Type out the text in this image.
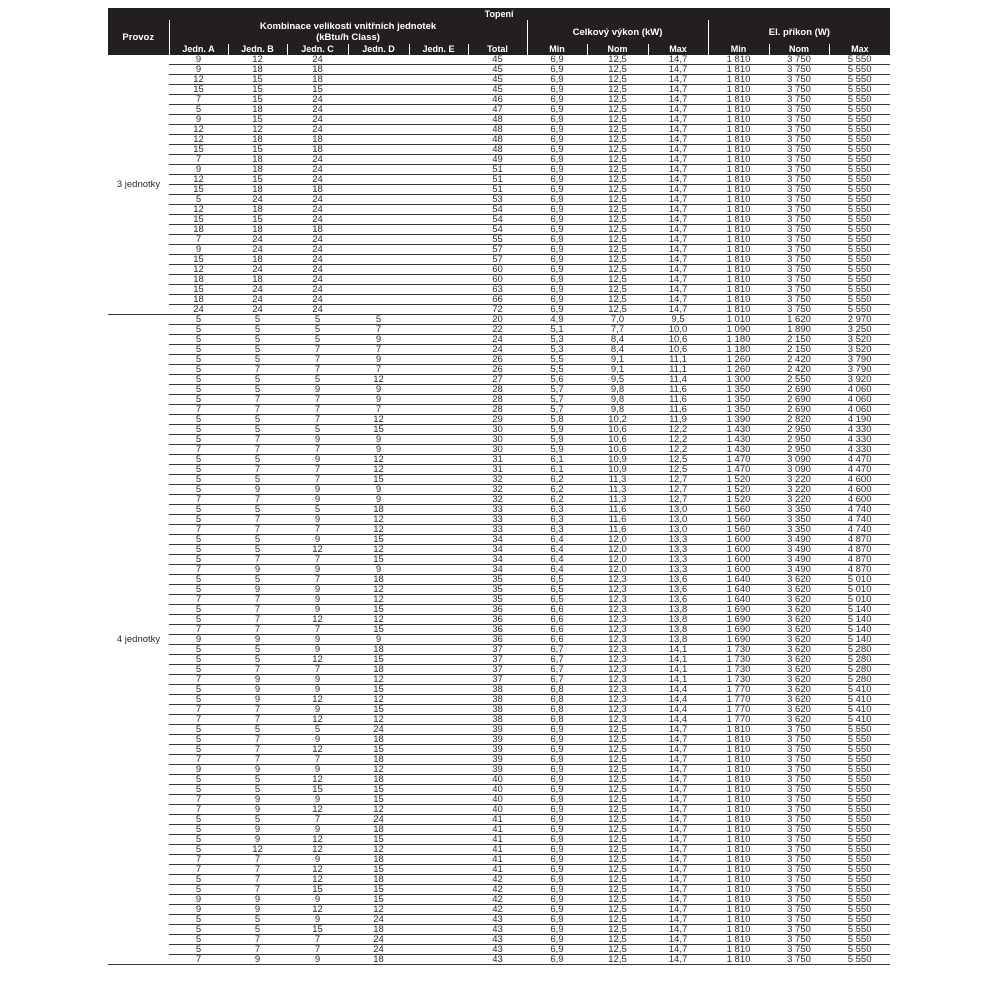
Topení												
Provoz	Kombinace velikosti vnitřních jednotek
(kBtu/h Class)						Celkový výkon (kW)			El. příkon (W)		
	Jedn. A	Jedn. B	Jedn. C	Jedn. D	Jedn. E	Total	Min	Nom	Max	Min	Nom	Max
3 jednotky	9	12	24			45	6,9	12,5	14,7	1 810	3 750	5 550
	9	18	18			45	6,9	12,5	14,7	1 810	3 750	5 550
	12	15	18			45	6,9	12,5	14,7	1 810	3 750	5 550
	15	15	15			45	6,9	12,5	14,7	1 810	3 750	5 550
	7	15	24			46	6,9	12,5	14,7	1 810	3 750	5 550
	5	18	24			47	6,9	12,5	14,7	1 810	3 750	5 550
	9	15	24			48	6,9	12,5	14,7	1 810	3 750	5 550
	12	12	24			48	6,9	12,5	14,7	1 810	3 750	5 550
	12	18	18			48	6,9	12,5	14,7	1 810	3 750	5 550
	15	15	18			48	6,9	12,5	14,7	1 810	3 750	5 550
	7	18	24			49	6,9	12,5	14,7	1 810	3 750	5 550
	9	18	24			51	6,9	12,5	14,7	1 810	3 750	5 550
	12	15	24			51	6,9	12,5	14,7	1 810	3 750	5 550
	15	18	18			51	6,9	12,5	14,7	1 810	3 750	5 550
	5	24	24			53	6,9	12,5	14,7	1 810	3 750	5 550
	12	18	24			54	6,9	12,5	14,7	1 810	3 750	5 550
	15	15	24			54	6,9	12,5	14,7	1 810	3 750	5 550
	18	18	18			54	6,9	12,5	14,7	1 810	3 750	5 550
	7	24	24			55	6,9	12,5	14,7	1 810	3 750	5 550
	9	24	24			57	6,9	12,5	14,7	1 810	3 750	5 550
	15	18	24			57	6,9	12,5	14,7	1 810	3 750	5 550
	12	24	24			60	6,9	12,5	14,7	1 810	3 750	5 550
	18	18	24			60	6,9	12,5	14,7	1 810	3 750	5 550
	15	24	24			63	6,9	12,5	14,7	1 810	3 750	5 550
	18	24	24			66	6,9	12,5	14,7	1 810	3 750	5 550
	24	24	24			72	6,9	12,5	14,7	1 810	3 750	5 550
4 jednotky	5	5	5	5		20	4,9	7,0	9,5	1 010	1 620	2 970
	5	5	5	7		22	5,1	7,7	10,0	1 090	1 890	3 250
	5	5	5	9		24	5,3	8,4	10,6	1 180	2 150	3 520
	5	5	7	7		24	5,3	8,4	10,6	1 180	2 150	3 520
	5	5	7	9		26	5,5	9,1	11,1	1 260	2 420	3 790
	5	7	7	7		26	5,5	9,1	11,1	1 260	2 420	3 790
	5	5	5	12		27	5,6	9,5	11,4	1 300	2 550	3 920
	5	5	9	9		28	5,7	9,8	11,6	1 350	2 690	4 060
	5	7	7	9		28	5,7	9,8	11,6	1 350	2 690	4 060
	7	7	7	7		28	5,7	9,8	11,6	1 350	2 690	4 060
	5	5	7	12		29	5,8	10,2	11,9	1 390	2 820	4 190
	5	5	5	15		30	5,9	10,6	12,2	1 430	2 950	4 330
	5	7	9	9		30	5,9	10,6	12,2	1 430	2 950	4 330
	7	7	7	9		30	5,9	10,6	12,2	1 430	2 950	4 330
	5	5	9	12		31	6,1	10,9	12,5	1 470	3 090	4 470
	5	7	7	12		31	6,1	10,9	12,5	1 470	3 090	4 470
	5	5	7	15		32	6,2	11,3	12,7	1 520	3 220	4 600
	5	9	9	9		32	6,2	11,3	12,7	1 520	3 220	4 600
	7	7	9	9		32	6,2	11,3	12,7	1 520	3 220	4 600
	5	5	5	18		33	6,3	11,6	13,0	1 560	3 350	4 740
	5	7	9	12		33	6,3	11,6	13,0	1 560	3 350	4 740
	7	7	7	12		33	6,3	11,6	13,0	1 560	3 350	4 740
	5	5	9	15		34	6,4	12,0	13,3	1 600	3 490	4 870
	5	5	12	12		34	6,4	12,0	13,3	1 600	3 490	4 870
	5	7	7	15		34	6,4	12,0	13,3	1 600	3 490	4 870
	7	9	9	9		34	6,4	12,0	13,3	1 600	3 490	4 870
	5	5	7	18		35	6,5	12,3	13,6	1 640	3 620	5 010
	5	9	9	12		35	6,5	12,3	13,6	1 640	3 620	5 010
	7	7	9	12		35	6,5	12,3	13,6	1 640	3 620	5 010
	5	7	9	15		36	6,6	12,3	13,8	1 690	3 620	5 140
	5	7	12	12		36	6,6	12,3	13,8	1 690	3 620	5 140
	7	7	7	15		36	6,6	12,3	13,8	1 690	3 620	5 140
	9	9	9	9		36	6,6	12,3	13,8	1 690	3 620	5 140
	5	5	9	18		37	6,7	12,3	14,1	1 730	3 620	5 280
	5	5	12	15		37	6,7	12,3	14,1	1 730	3 620	5 280
	5	7	7	18		37	6,7	12,3	14,1	1 730	3 620	5 280
	7	9	9	12		37	6,7	12,3	14,1	1 730	3 620	5 280
	5	9	9	15		38	6,8	12,3	14,4	1 770	3 620	5 410
	5	9	12	12		38	6,8	12,3	14,4	1 770	3 620	5 410
	7	7	9	15		38	6,8	12,3	14,4	1 770	3 620	5 410
	7	7	12	12		38	6,8	12,3	14,4	1 770	3 620	5 410
	5	5	5	24		39	6,9	12,5	14,7	1 810	3 750	5 550
	5	7	9	18		39	6,9	12,5	14,7	1 810	3 750	5 550
	5	7	12	15		39	6,9	12,5	14,7	1 810	3 750	5 550
	7	7	7	18		39	6,9	12,5	14,7	1 810	3 750	5 550
	9	9	9	12		39	6,9	12,5	14,7	1 810	3 750	5 550
	5	5	12	18		40	6,9	12,5	14,7	1 810	3 750	5 550
	5	5	15	15		40	6,9	12,5	14,7	1 810	3 750	5 550
	7	9	9	15		40	6,9	12,5	14,7	1 810	3 750	5 550
	7	9	12	12		40	6,9	12,5	14,7	1 810	3 750	5 550
	5	5	7	24		41	6,9	12,5	14,7	1 810	3 750	5 550
	5	9	9	18		41	6,9	12,5	14,7	1 810	3 750	5 550
	5	9	12	15		41	6,9	12,5	14,7	1 810	3 750	5 550
	5	12	12	12		41	6,9	12,5	14,7	1 810	3 750	5 550
	7	7	9	18		41	6,9	12,5	14,7	1 810	3 750	5 550
	7	7	12	15		41	6,9	12,5	14,7	1 810	3 750	5 550
	5	7	12	18		42	6,9	12,5	14,7	1 810	3 750	5 550
	5	7	15	15		42	6,9	12,5	14,7	1 810	3 750	5 550
	9	9	9	15		42	6,9	12,5	14,7	1 810	3 750	5 550
	9	9	12	12		42	6,9	12,5	14,7	1 810	3 750	5 550
	5	5	9	24		43	6,9	12,5	14,7	1 810	3 750	5 550
	5	5	15	18		43	6,9	12,5	14,7	1 810	3 750	5 550
	5	7	7	24		43	6,9	12,5	14,7	1 810	3 750	5 550
	5	7	7	24		43	6,9	12,5	14,7	1 810	3 750	5 550
	7	9	9	18		43	6,9	12,5	14,7	1 810	3 750	5 550
